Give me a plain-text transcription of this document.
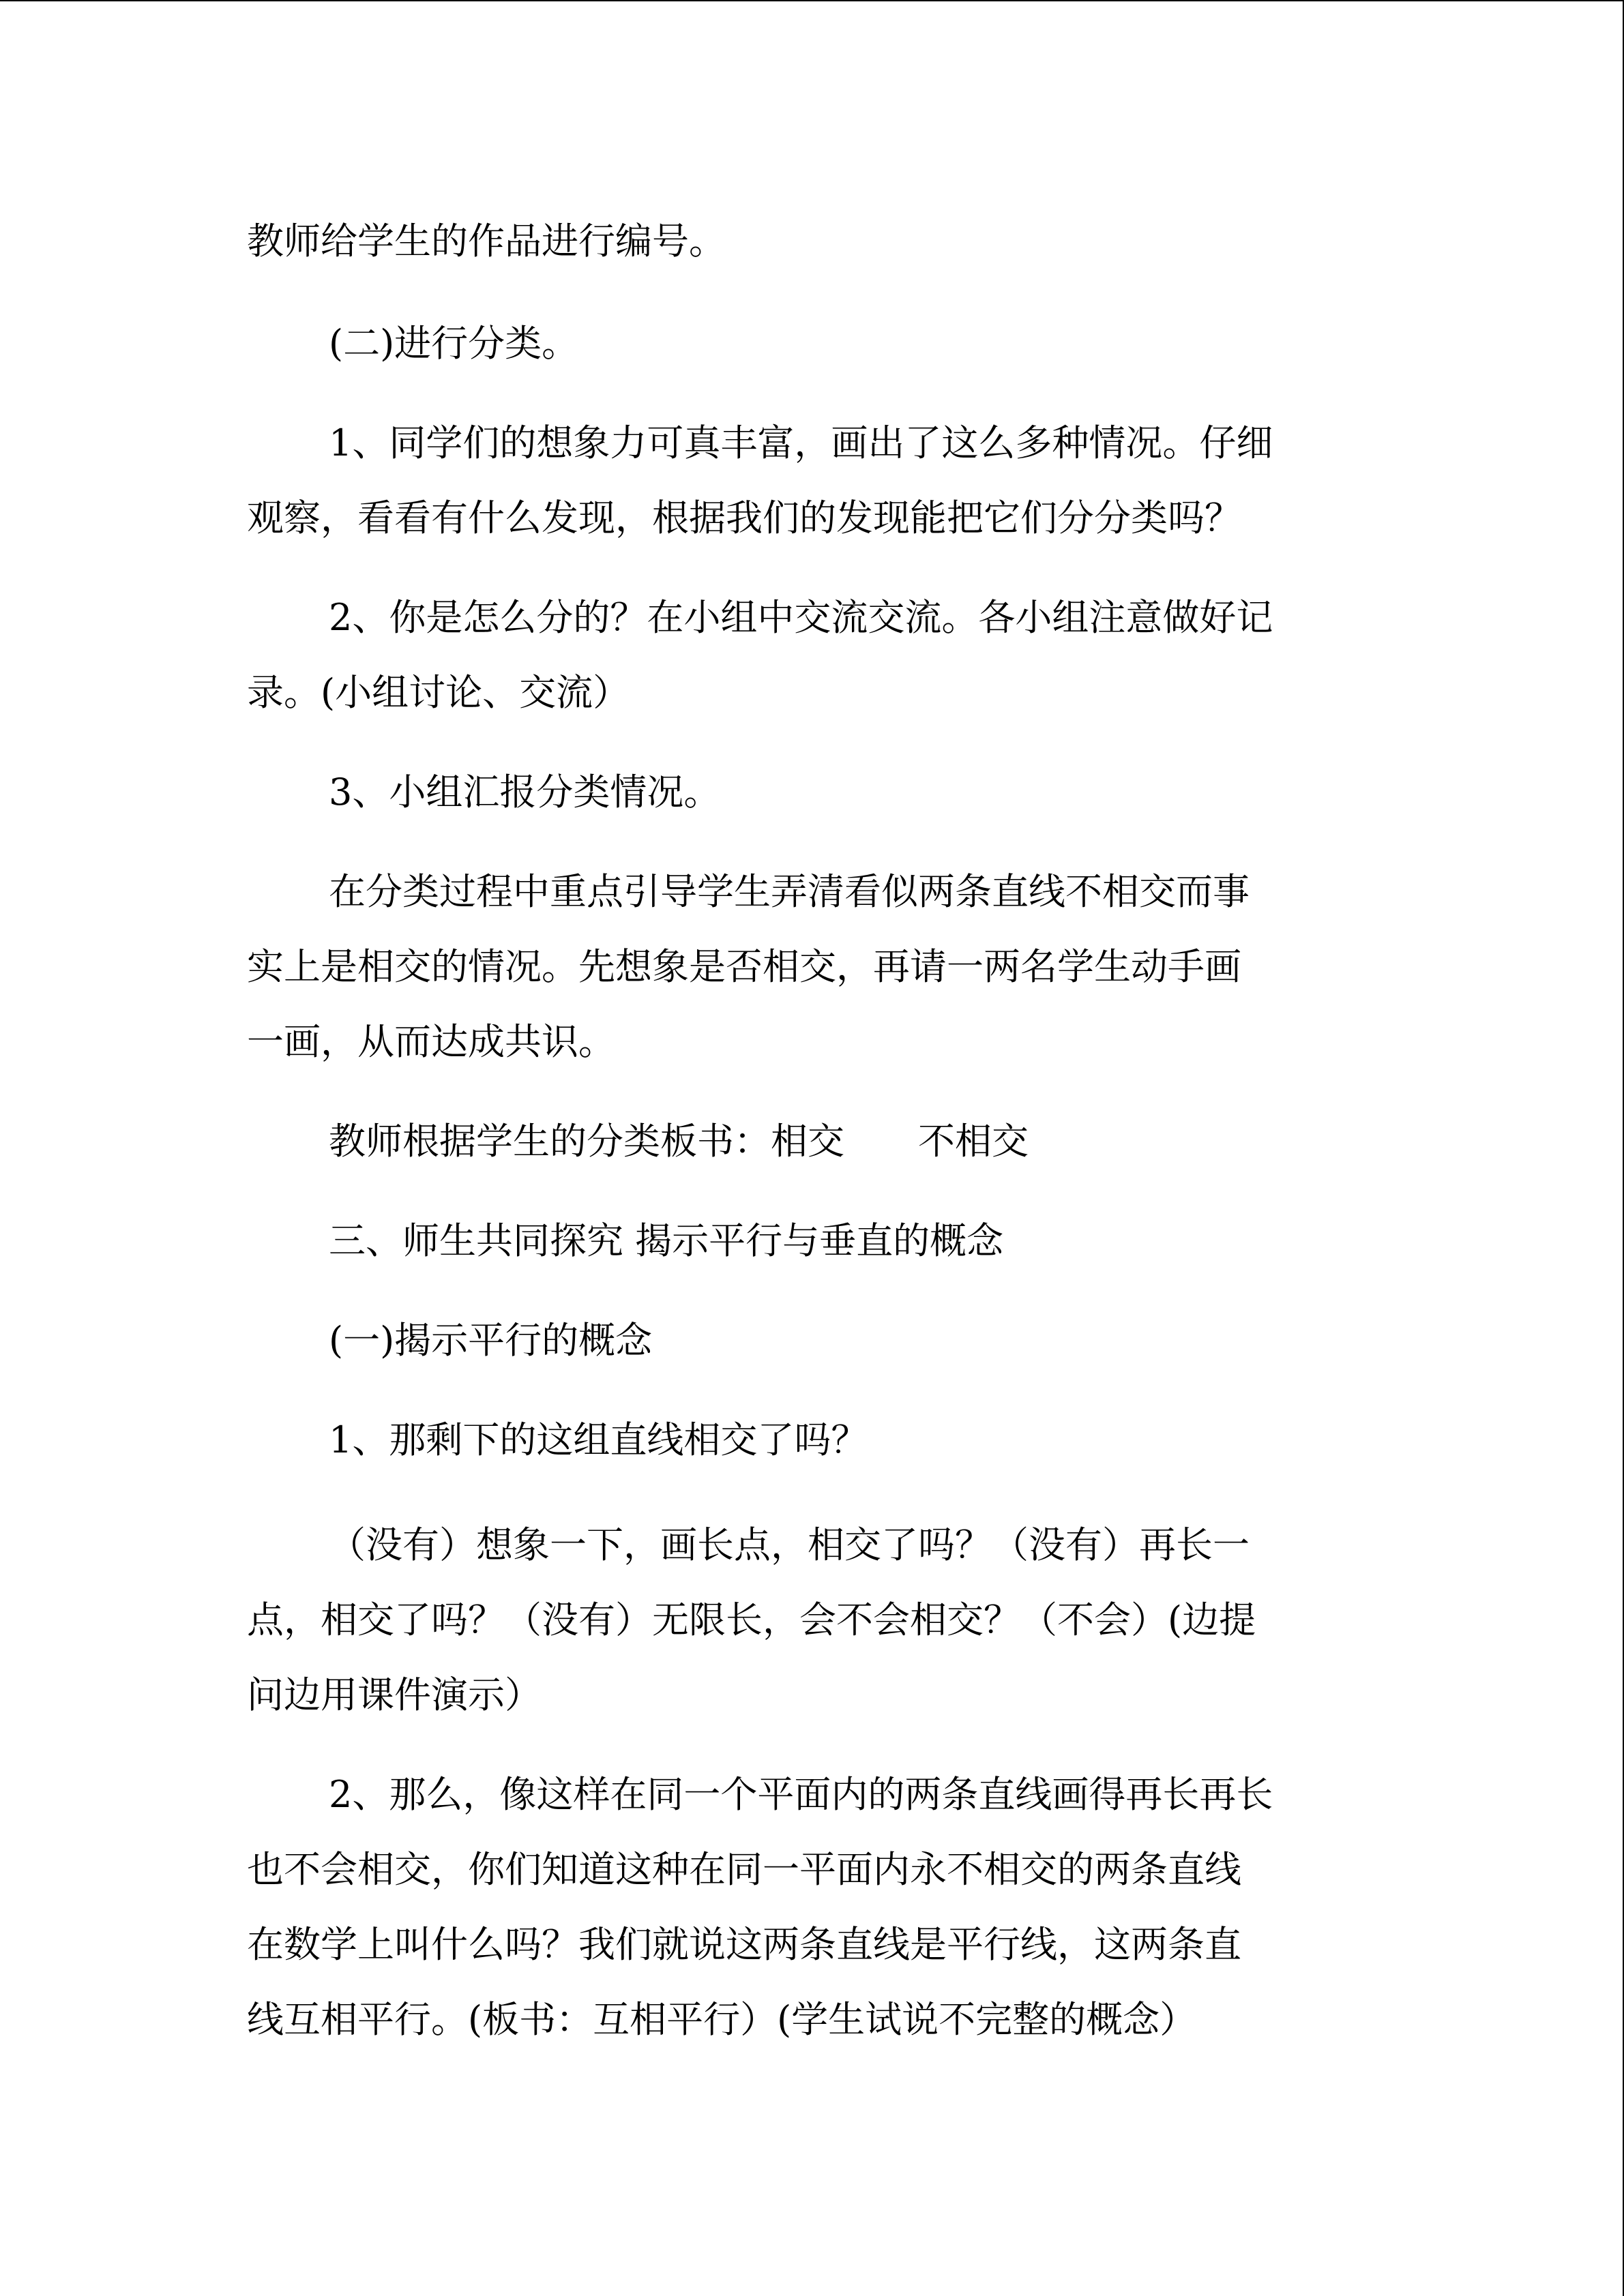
教师给学生的作品进行编号。
(二)进行分类。
1、同学们的想象力可真丰富，画出了这么多种情况。仔细
观察，看看有什么发现，根据我们的发现能把它们分分类吗？
2、你是怎么分的？在小组中交流交流。各小组注意做好记
录。(小组讨论、交流）
3、小组汇报分类情况。
在分类过程中重点引导学生弄清看似两条直线不相交而事
实上是相交的情况。先想象是否相交，再请一两名学生动手画
一画，从而达成共识。
教师根据学生的分类板书：相交　　不相交
三、师生共同探究 揭示平行与垂直的概念
(一)揭示平行的概念
1、那剩下的这组直线相交了吗？
（没有）想象一下，画长点，相交了吗？（没有）再长一
点，相交了吗？（没有）无限长，会不会相交？（不会）(边提
问边用课件演示）
2、那么，像这样在同一个平面内的两条直线画得再长再长
也不会相交，你们知道这种在同一平面内永不相交的两条直线
在数学上叫什么吗？我们就说这两条直线是平行线，这两条直
线互相平行。(板书：互相平行）(学生试说不完整的概念）
